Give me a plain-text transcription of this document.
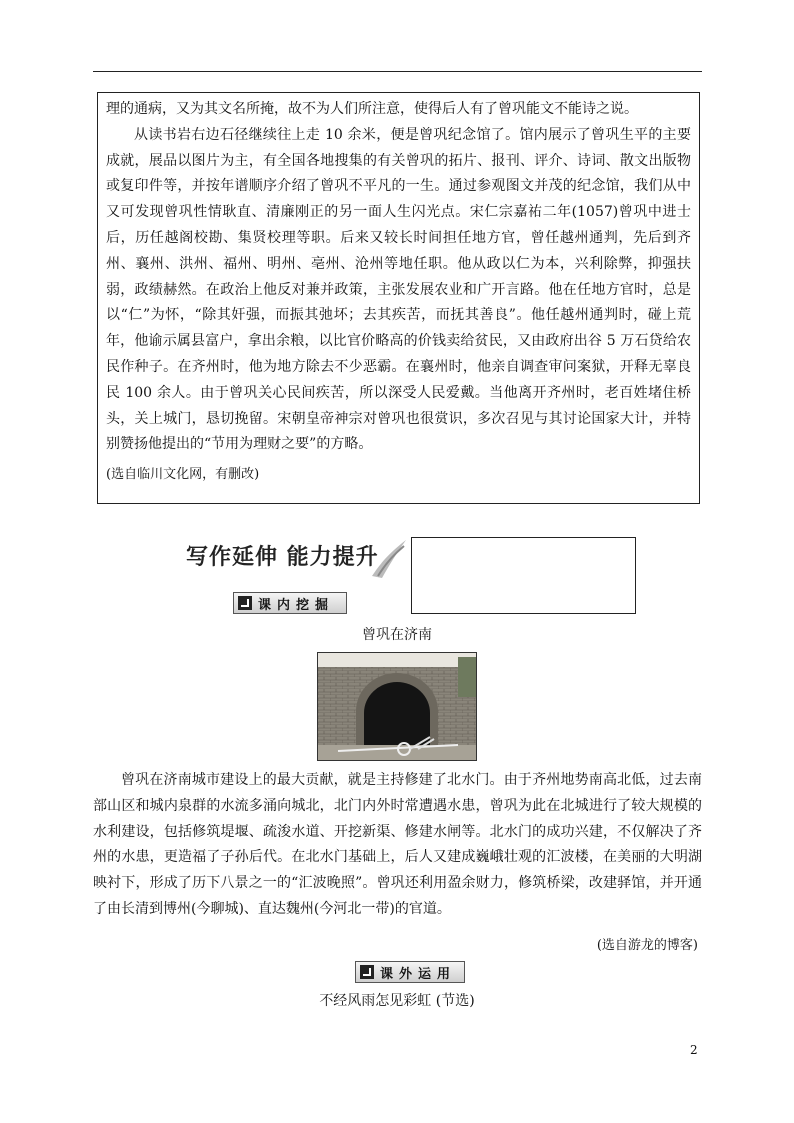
理的通病，又为其文名所掩，故不为人们所注意，使得后人有了曾巩能文不能诗之说。

从读书岩右边石径继续往上走 10 余米，便是曾巩纪念馆了。馆内展示了曾巩生平的主要成就，展品以图片为主，有全国各地搜集的有关曾巩的拓片、报刊、评介、诗词、散文出版物或复印件等，并按年谱顺序介绍了曾巩不平凡的一生。通过参观图文并茂的纪念馆，我们从中又可发现曾巩性情耿直、清廉刚正的另一面人生闪光点。宋仁宗嘉祐二年(1057)曾巩中进士后，历任越阁校勘、集贤校理等职。后来又较长时间担任地方官，曾任越州通判，先后到齐州、襄州、洪州、福州、明州、亳州、沧州等地任职。他从政以仁为本，兴利除弊，抑强扶弱，政绩赫然。在政治上他反对兼并政策，主张发展农业和广开言路。他在任地方官时，总是以“仁”为怀，“除其奸强，而振其弛坏；去其疾苦，而抚其善良”。他任越州通判时，碰上荒年，他谕示属县富户，拿出余粮，以比官价略高的价钱卖给贫民，又由政府出谷 5 万石贷给农民作种子。在齐州时，他为地方除去不少恶霸。在襄州时，他亲自调查审问案狱，开释无辜良民 100 余人。由于曾巩关心民间疾苦，所以深受人民爱戴。当他离开齐州时，老百姓堵住桥头，关上城门，恳切挽留。宋朝皇帝神宗对曾巩也很赏识，多次召见与其讨论国家大计，并特别赞扬他提出的“节用为理财之要”的方略。

(选自临川文化网，有删改)

写作延伸 能力提升
课内挖掘
曾巩在济南

曾巩在济南城市建设上的最大贡献，就是主持修建了北水门。由于齐州地势南高北低，过去南部山区和城内泉群的水流多涌向城北，北门内外时常遭遇水患，曾巩为此在北城进行了较大规模的水利建设，包括修筑堤堰、疏浚水道、开挖新渠、修建水闸等。北水门的成功兴建，不仅解决了齐州的水患，更造福了子孙后代。在北水门基础上，后人又建成巍峨壮观的汇波楼，在美丽的大明湖映衬下，形成了历下八景之一的“汇波晚照”。曾巩还利用盈余财力，修筑桥梁，改建驿馆，并开通了由长清到博州(今聊城)、直达魏州(今河北一带)的官道。

(选自游龙的博客)
课外运用
不经风雨怎见彩虹 (节选)
2
